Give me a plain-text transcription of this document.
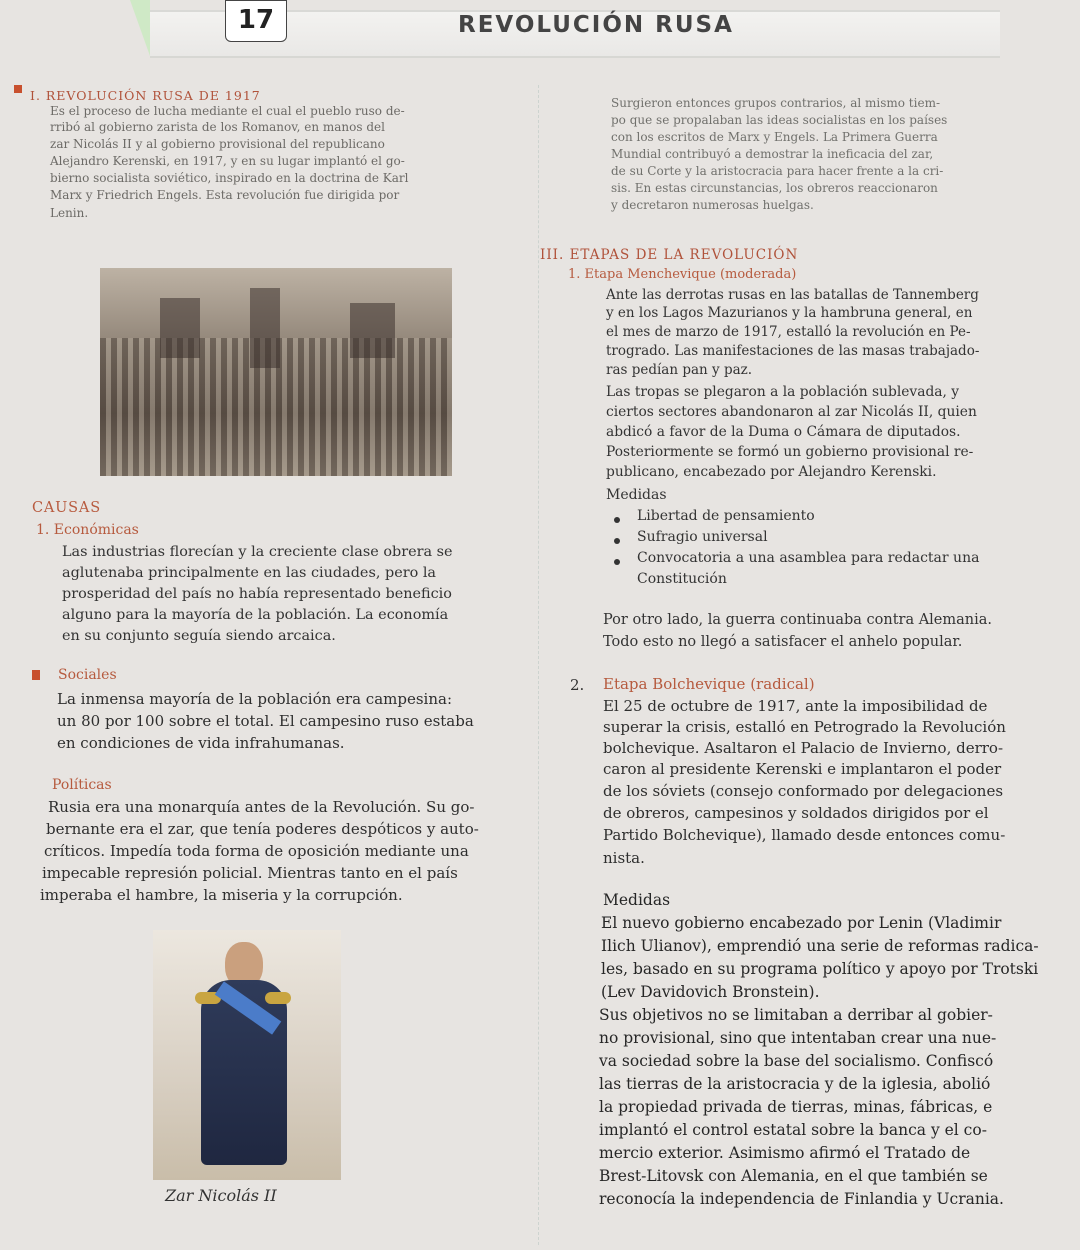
17	REVOLUCIÓN RUSA
I. REVOLUCIÓN RUSA DE 1917
Es el proceso de lucha mediante el cual el pueblo ruso de-
rribó al gobierno zarista de los Romanov, en manos del
zar Nicolás II y al gobierno provisional del republicano
Alejandro Kerenski, en 1917, y en su lugar implantó el go-
bierno socialista soviético, inspirado en la doctrina de Karl
Marx y Friedrich Engels. Esta revolución fue dirigida por
Lenin.
CAUSAS
1. Económicas
Las industrias florecían y la creciente clase obrera se
aglutenaba principalmente en las ciudades, pero la
prosperidad del país no había representado beneficio
alguno para la mayoría de la población. La economía
en su conjunto seguía siendo arcaica.
Sociales
La inmensa mayoría de la población era campesina:
un 80 por 100 sobre el total. El campesino ruso estaba
en condiciones de vida infrahumanas.
Políticas
Rusia era una monarquía antes de la Revolución. Su go-
bernante era el zar, que tenía poderes despóticos y auto-
críticos. Impedía toda forma de oposición mediante una
impecable represión policial. Mientras tanto en el país
imperaba el hambre, la miseria y la corrupción.
Zar Nicolás II
Surgieron entonces grupos contrarios, al mismo tiem-
po que se propalaban las ideas socialistas en los países
con los escritos de Marx y Engels. La Primera Guerra
Mundial contribuyó a demostrar la ineficacia del zar,
de su Corte y la aristocracia para hacer frente a la cri-
sis. En estas circunstancias, los obreros reaccionaron
y decretaron numerosas huelgas.
III. ETAPAS DE LA REVOLUCIÓN
1. Etapa Menchevique (moderada)
Ante las derrotas rusas en las batallas de Tannemberg
y en los Lagos Mazurianos y la hambruna general, en
el mes de marzo de 1917, estalló la revolución en Pe-
trogrado. Las manifestaciones de las masas trabajado-
ras pedían pan y paz.
Las tropas se plegaron a la población sublevada, y
ciertos sectores abandonaron al zar Nicolás II, quien
abdicó a favor de la Duma o Cámara de diputados.
Posteriormente se formó un gobierno provisional re-
publicano, encabezado por Alejandro Kerenski.
Medidas
Libertad de pensamiento
Sufragio universal
Convocatoria a una asamblea para redactar una
Constitución
Por otro lado, la guerra continuaba contra Alemania.
Todo esto no llegó a satisfacer el anhelo popular.
2. Etapa Bolchevique (radical)
El 25 de octubre de 1917, ante la imposibilidad de
superar la crisis, estalló en Petrogrado la Revolución
bolchevique. Asaltaron el Palacio de Invierno, derro-
caron al presidente Kerenski e implantaron el poder
de los sóviets (consejo conformado por delegaciones
de obreros, campesinos y soldados dirigidos por el
Partido Bolchevique), llamado desde entonces comu-
nista.
Medidas
El nuevo gobierno encabezado por Lenin (Vladimir
Ilich Ulianov), emprendió una serie de reformas radica-
les, basado en su programa político y apoyo por Trotski
(Lev Davidovich Bronstein).
Sus objetivos no se limitaban a derribar al gobier-
no provisional, sino que intentaban crear una nue-
va sociedad sobre la base del socialismo. Confiscó
las tierras de la aristocracia y de la iglesia, abolió
la propiedad privada de tierras, minas, fábricas, e
implantó el control estatal sobre la banca y el co-
mercio exterior. Asimismo afirmó el Tratado de
Brest-Litovsk con Alemania, en el que también se
reconocía la independencia de Finlandia y Ucrania.
